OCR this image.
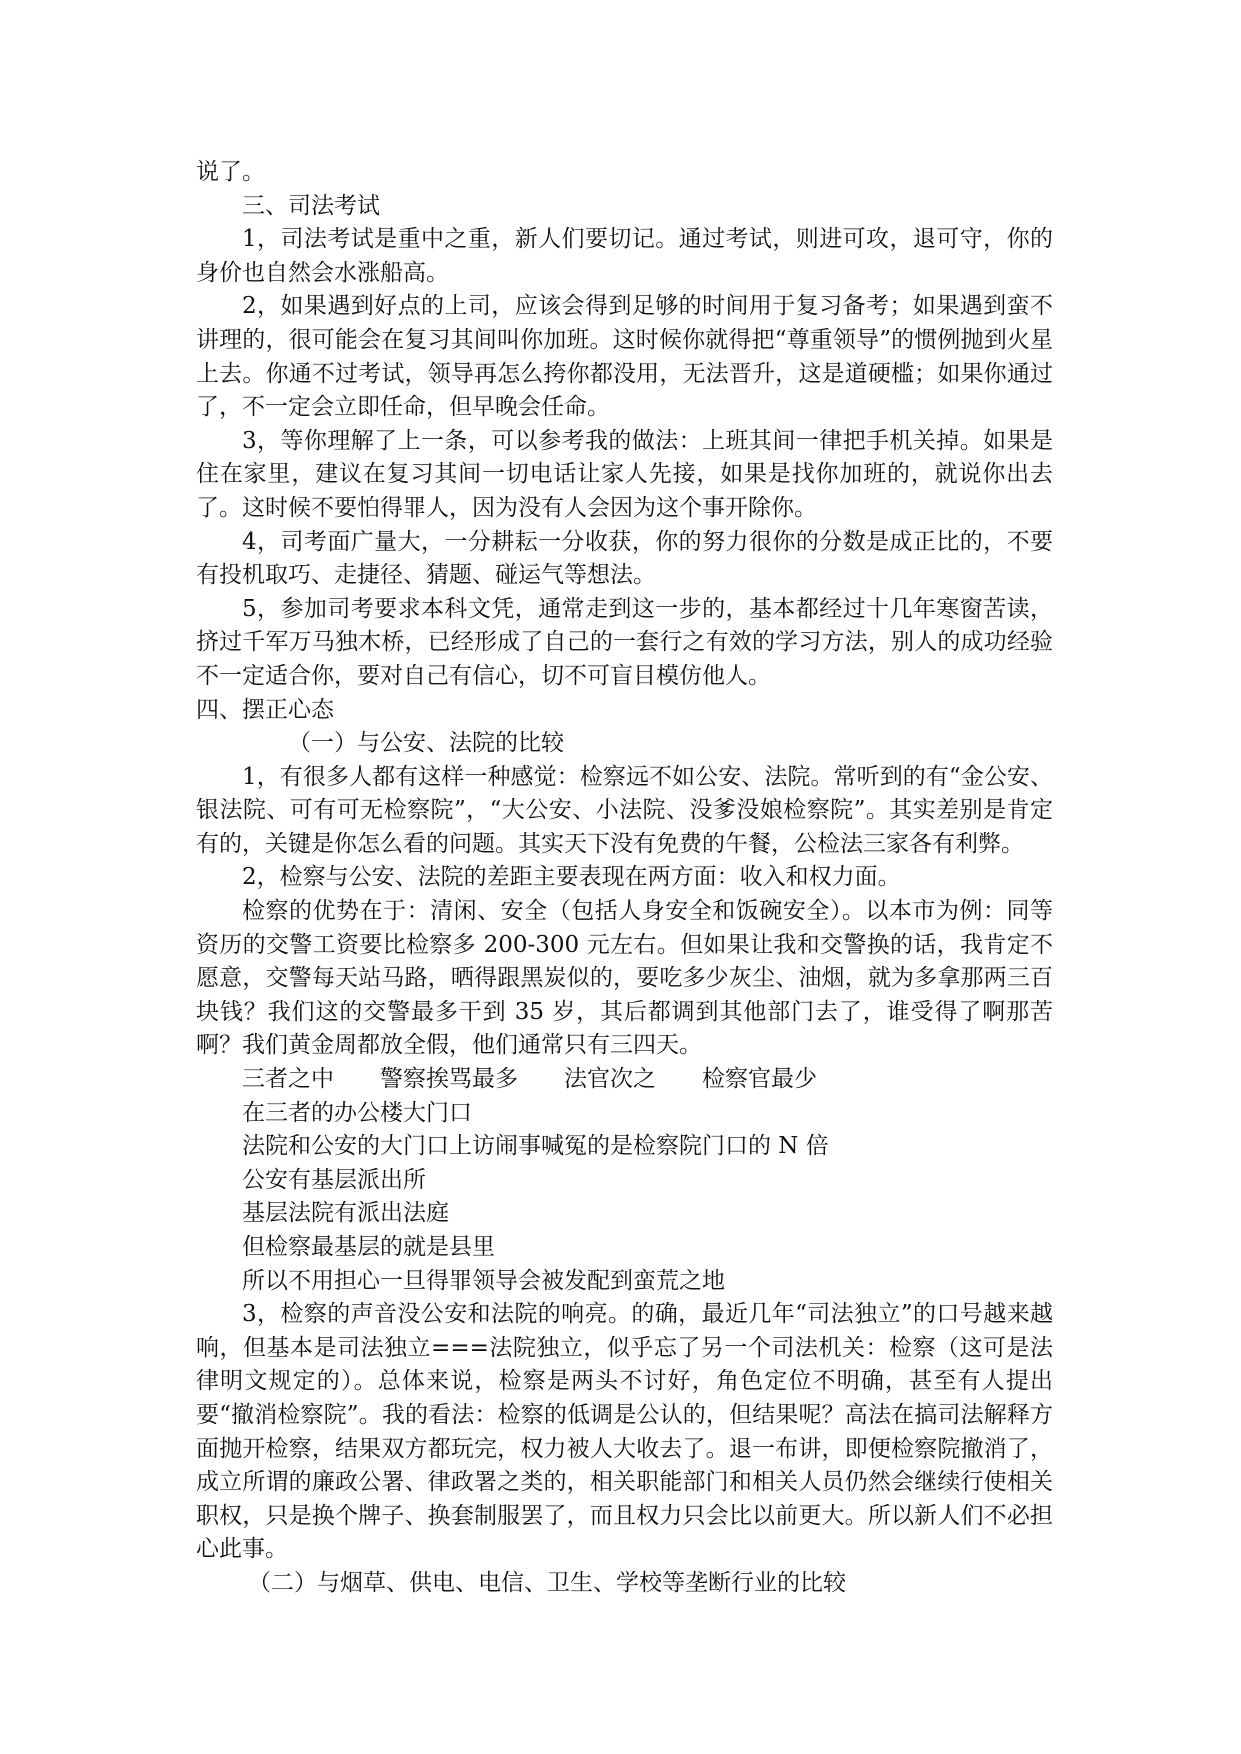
说了。

三、司法考试

1，司法考试是重中之重，新人们要切记。通过考试，则进可攻，退可守，你的身价也自然会水涨船高。

2，如果遇到好点的上司，应该会得到足够的时间用于复习备考；如果遇到蛮不讲理的，很可能会在复习其间叫你加班。这时候你就得把“尊重领导”的惯例抛到火星上去。你通不过考试，领导再怎么挎你都没用，无法晋升，这是道硬槛；如果你通过了，不一定会立即任命，但早晚会任命。

3，等你理解了上一条，可以参考我的做法：上班其间一律把手机关掉。如果是住在家里，建议在复习其间一切电话让家人先接，如果是找你加班的，就说你出去了。这时候不要怕得罪人，因为没有人会因为这个事开除你。

4，司考面广量大，一分耕耘一分收获，你的努力很你的分数是成正比的，不要有投机取巧、走捷径、猜题、碰运气等想法。

5，参加司考要求本科文凭，通常走到这一步的，基本都经过十几年寒窗苦读，挤过千军万马独木桥，已经形成了自己的一套行之有效的学习方法，别人的成功经验不一定适合你，要对自己有信心，切不可盲目模仿他人。

四、摆正心态

（一）与公安、法院的比较

1，有很多人都有这样一种感觉：检察远不如公安、法院。常听到的有“金公安、银法院、可有可无检察院”，“大公安、小法院、没爹没娘检察院”。其实差别是肯定有的，关键是你怎么看的问题。其实天下没有免费的午餐，公检法三家各有利弊。

2，检察与公安、法院的差距主要表现在两方面：收入和权力面。

检察的优势在于：清闲、安全（包括人身安全和饭碗安全）。以本市为例：同等资历的交警工资要比检察多 200-300 元左右。但如果让我和交警换的话，我肯定不愿意，交警每天站马路，晒得跟黑炭似的，要吃多少灰尘、油烟，就为多拿那两三百块钱？我们这的交警最多干到 35 岁，其后都调到其他部门去了，谁受得了啊那苦啊？我们黄金周都放全假，他们通常只有三四天。

三者之中 警察挨骂最多 法官次之 检察官最少

在三者的办公楼大门口

法院和公安的大门口上访闹事喊冤的是检察院门口的 N 倍

公安有基层派出所

基层法院有派出法庭

但检察最基层的就是县里

所以不用担心一旦得罪领导会被发配到蛮荒之地

3，检察的声音没公安和法院的响亮。的确，最近几年“司法独立”的口号越来越响，但基本是司法独立===法院独立，似乎忘了另一个司法机关：检察（这可是法律明文规定的）。总体来说，检察是两头不讨好，角色定位不明确，甚至有人提出要“撤消检察院”。我的看法：检察的低调是公认的，但结果呢？高法在搞司法解释方面抛开检察，结果双方都玩完，权力被人大收去了。退一布讲，即便检察院撤消了，成立所谓的廉政公署、律政署之类的，相关职能部门和相关人员仍然会继续行使相关职权，只是换个牌子、换套制服罢了，而且权力只会比以前更大。所以新人们不必担心此事。

（二）与烟草、供电、电信、卫生、学校等垄断行业的比较
